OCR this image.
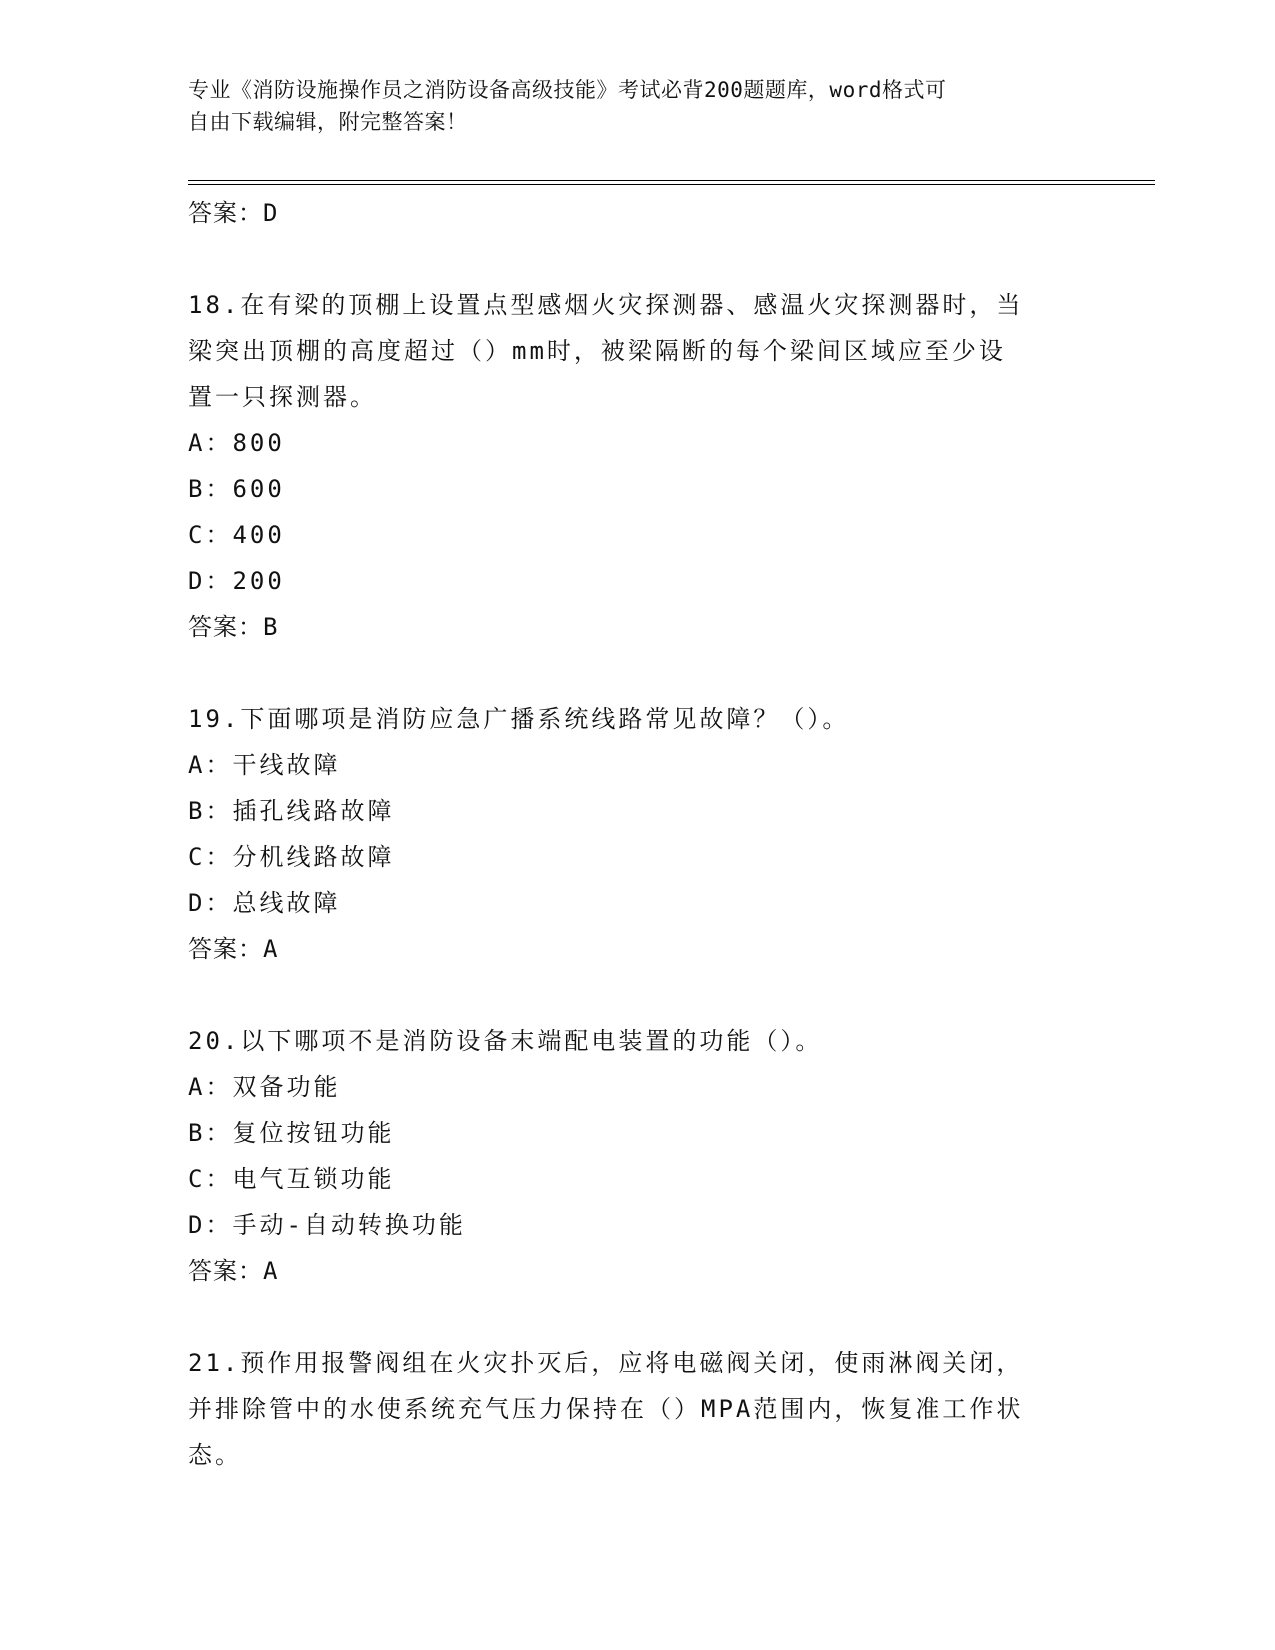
专业《消防设施操作员之消防设备高级技能》考试必背200题题库，word格式可
自由下载编辑，附完整答案！
答案：D
18.在有梁的顶棚上设置点型感烟火灾探测器、感温火灾探测器时，当
梁突出顶棚的高度超过（）mm时，被梁隔断的每个梁间区域应至少设
置一只探测器。
A：800
B：600
C：400
D：200
答案：B
19.下面哪项是消防应急广播系统线路常见故障？（）。
A：干线故障
B：插孔线路故障
C：分机线路故障
D：总线故障
答案：A
20.以下哪项不是消防设备末端配电装置的功能（）。
A：双备功能
B：复位按钮功能
C：电气互锁功能
D：手动-自动转换功能
答案：A
21.预作用报警阀组在火灾扑灭后，应将电磁阀关闭，使雨淋阀关闭，
并排除管中的水使系统充气压力保持在（）MPA范围内，恢复准工作状
态。
